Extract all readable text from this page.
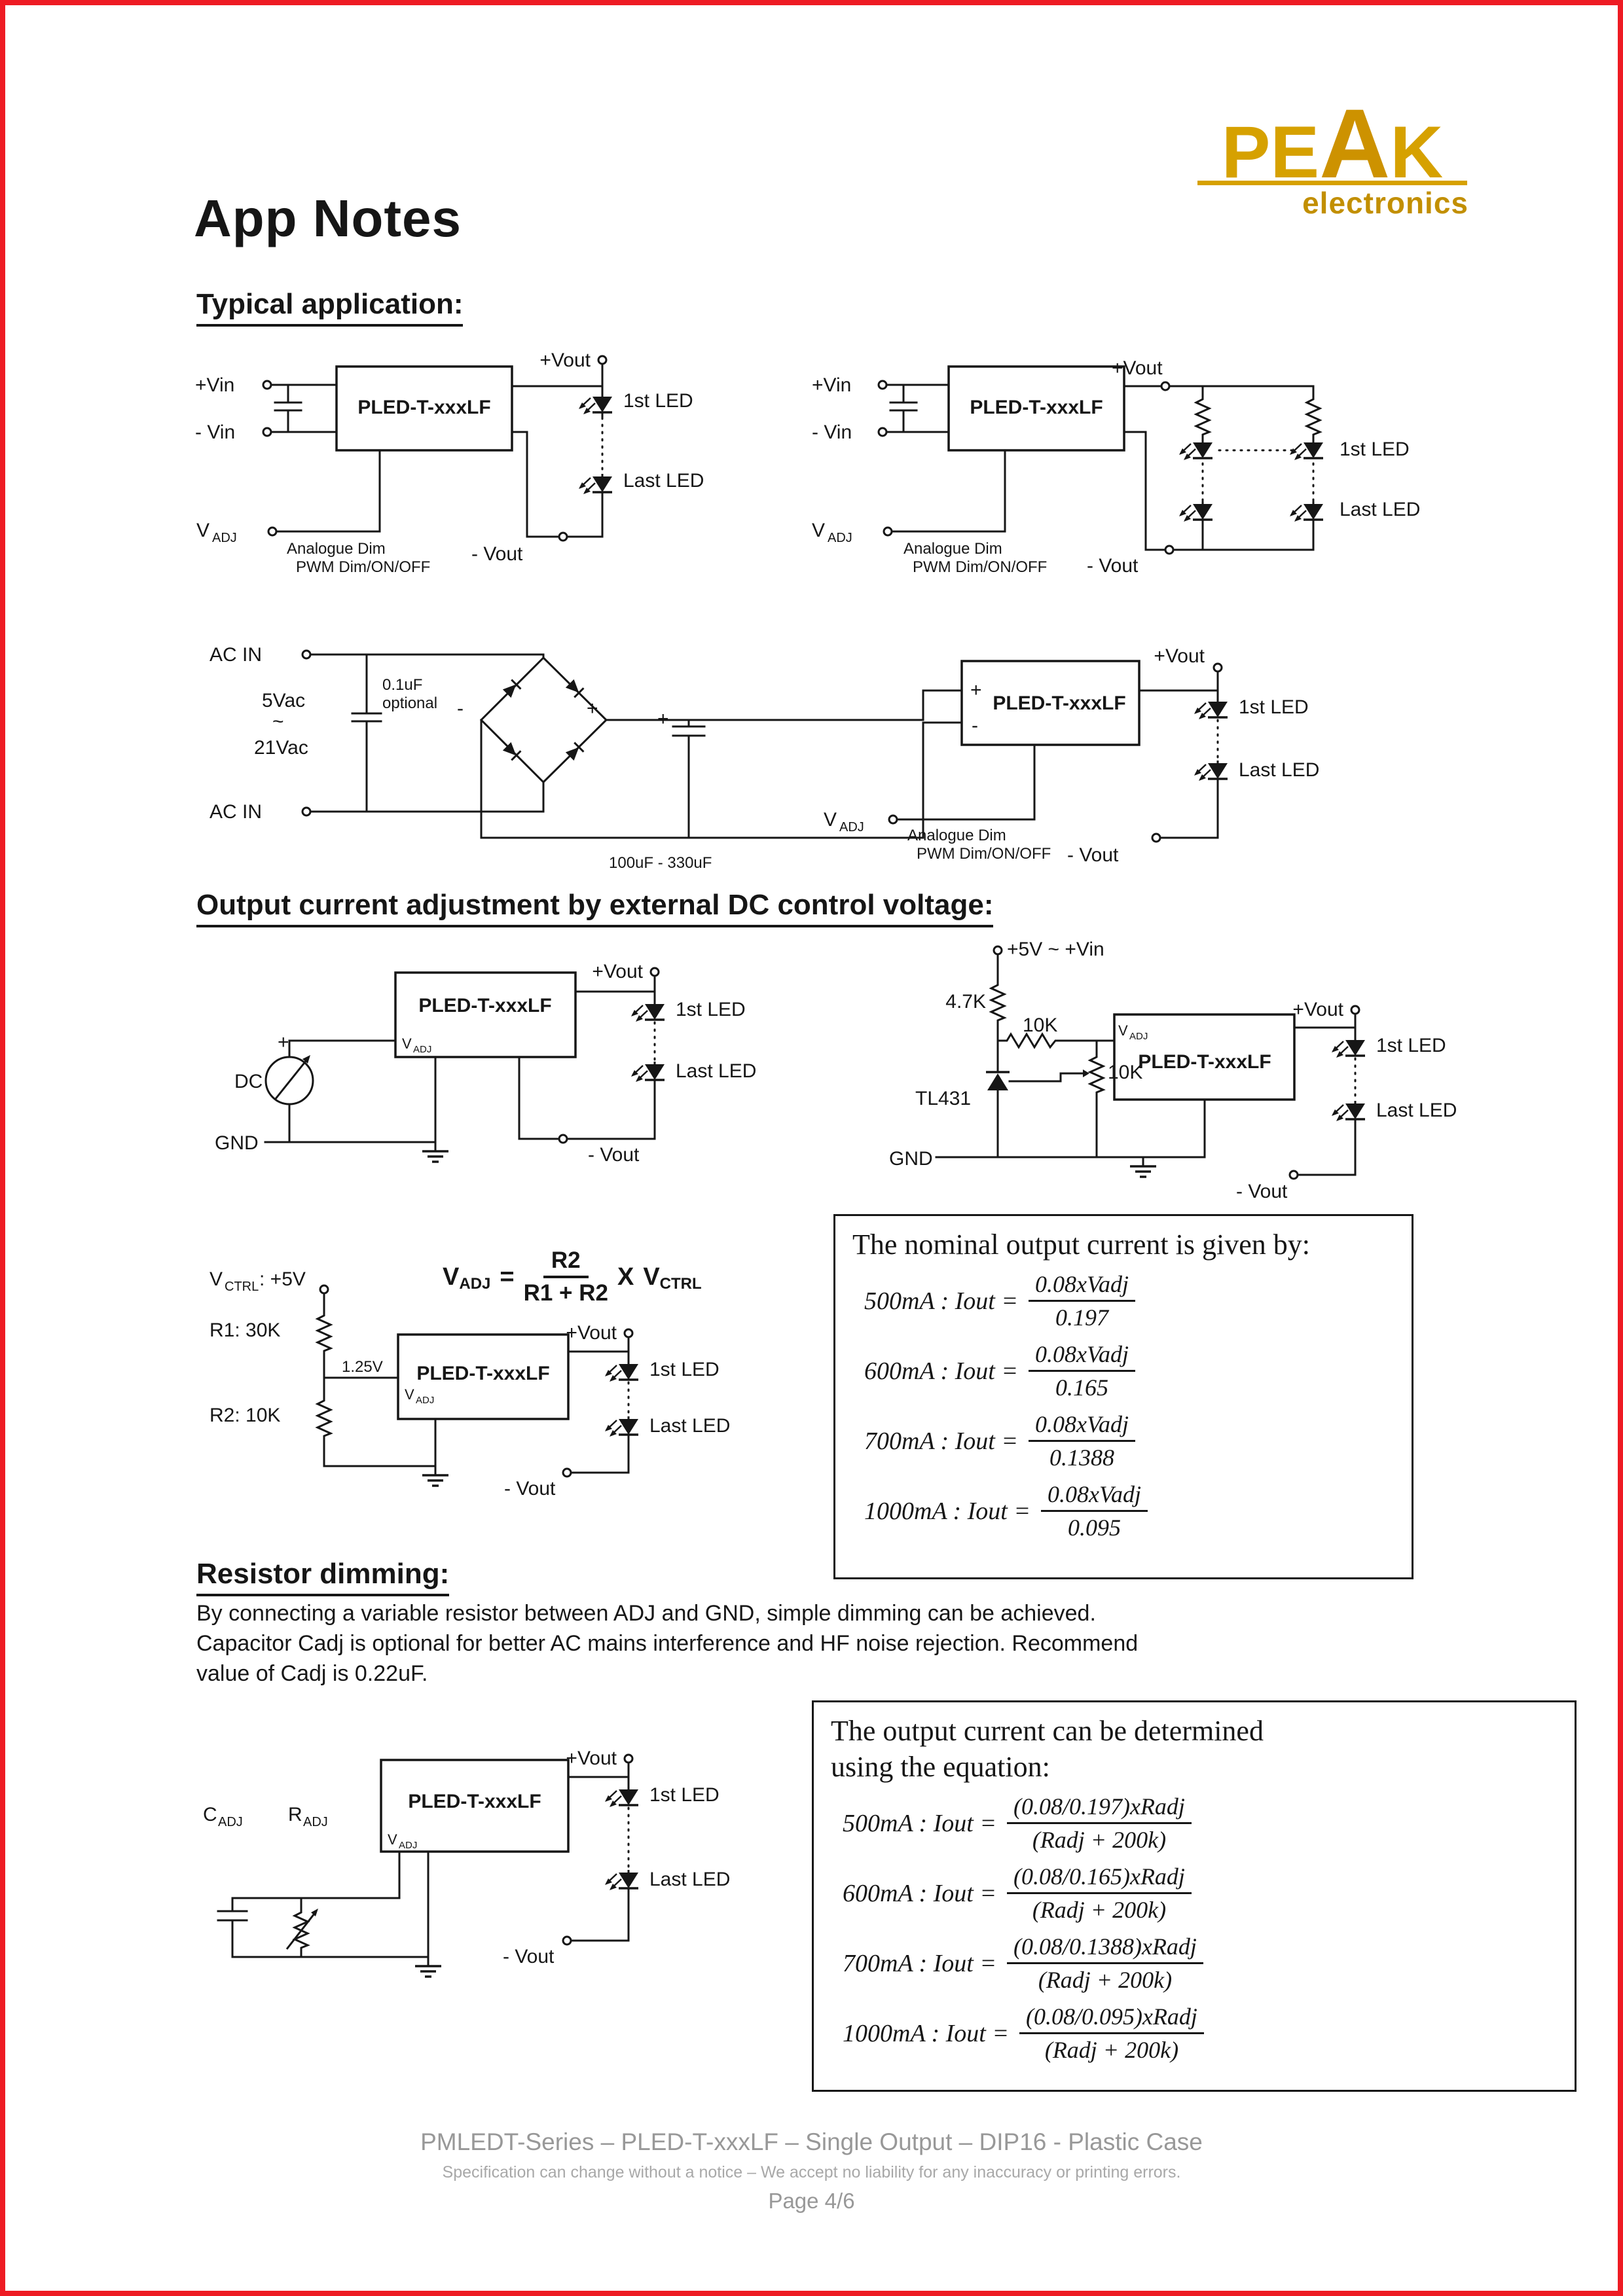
PEAK
electronics
App Notes
Typical application:
+Vin
- Vin
PLED-T-xxxLF
+Vout
1st LED
Last LED
- Vout
V ADJ
Analogue Dim
PWM Dim/ON/OFF
+Vin
- Vin
PLED-T-xxxLF
+Vout
1st LED
Last LED
- Vout
V ADJ
Analogue Dim
PWM Dim/ON/OFF
AC IN
AC IN
5Vac
~
21Vac
0.1uF
optional	+
-	+
100uF - 330uF
PLED-T-xxxLF
+
-
+Vout
1st LED
Last LED
- Vout
V ADJ	Analogue Dim
PWM Dim/ON/OFF
Output current adjustment by external DC control voltage:
DC
+
GND
PLED-T-xxxLF
V ADJ
+Vout
1st LED
Last LED
- Vout
+5V ~ +Vin
4.7K
10K
10K
TL431
GND
PLED-T-xxxLF
V ADJ
+Vout
1st LED
Last LED
- Vout
The nominal output current is given by:
500mA : Iout = $\frac{\text{0.08xVadj}}{0.197}$
600mA : Iout = $\frac{\text{0.08xVadj}}{0.165}$
700mA : Iout = $\frac{\text{0.08xVadj}}{0.1388}$
1000mA : Iout = $\frac{\text{0.08xVadj}}{0.095}$
V CTRL : +5V
R1: 30K
1.25V
R2: 10K
PLED-T-xxxLF
V ADJ
+Vout
1st LED
Last LED
- Vout
V ADJ = $\frac{R2}{R1 + R2}$ X V CTRL
Resistor dimming:
By connecting a variable resistor between ADJ and GND, simple dimming can be achieved.
Capacitor Cadj is optional for better AC mains interference and HF noise rejection. Recommend
value of Cadj is 0.22uF.
C ADJ R ADJ
PLED-T-xxxLF
V ADJ
+Vout
1st LED
Last LED
- Vout
The output current can be determined
using the equation:
500mA : Iout = $\frac{\text{(0.08/0.197)xRadj}}{\text{(Radj + 200k)}}$
600mA : Iout = $\frac{\text{(0.08/0.165)xRadj}}{\text{(Radj + 200k)}}$
700mA : Iout = $\frac{\text{(0.08/0.1388)xRadj}}{\text{(Radj + 200k)}}$
1000mA : Iout = $\frac{\text{(0.08/0.095)xRadj}}{\text{(Radj + 200k)}}$
PMLEDT-Series – PLED-T-xxxLF – Single Output – DIP16 - Plastic Case
Specification can change without a notice – We accept no liability for any inaccuracy or printing errors.
Page 4/6
